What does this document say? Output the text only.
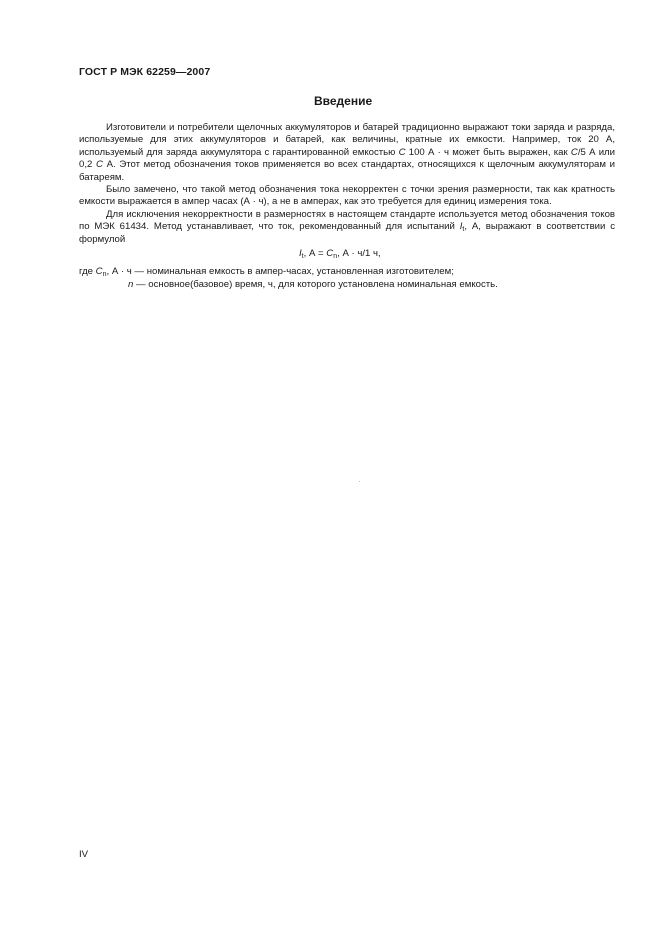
ГОСТ Р МЭК 62259—2007
Введение

Изготовители и потребители щелочных аккумуляторов и батарей традиционно выражают токи заряда и разряда, используемые для этих аккумуляторов и батарей, как величины, кратные их емкости. Например, ток 20 А, используемый для заряда аккумулятора с гарантированной емкостью C 100 А · ч может быть выражен, как C/5 А или 0,2 C А. Этот метод обозначения токов применяется во всех стандартах, относящихся к щелочным аккумуляторам и батареям.

Было замечено, что такой метод обозначения тока некорректен с точки зрения размерности, так как кратность емкости выражается в ампер часах (А · ч), а не в амперах, как это требуется для единиц измерения тока.

Для исключения некорректности в размерностях в настоящем стандарте используется метод обозначения токов по МЭК 61434. Метод устанавливает, что ток, рекомендованный для испытаний $I_t$, А, выражают в соответствии с формулой

$I_t$, $А = C_n$, А · ч/1 ч,

где $C_n$, А · ч — номинальная емкость в ампер-часах, установленная изготовителем;

n — основное(базовое) время, ч, для которого установлена номинальная емкость.

IV
